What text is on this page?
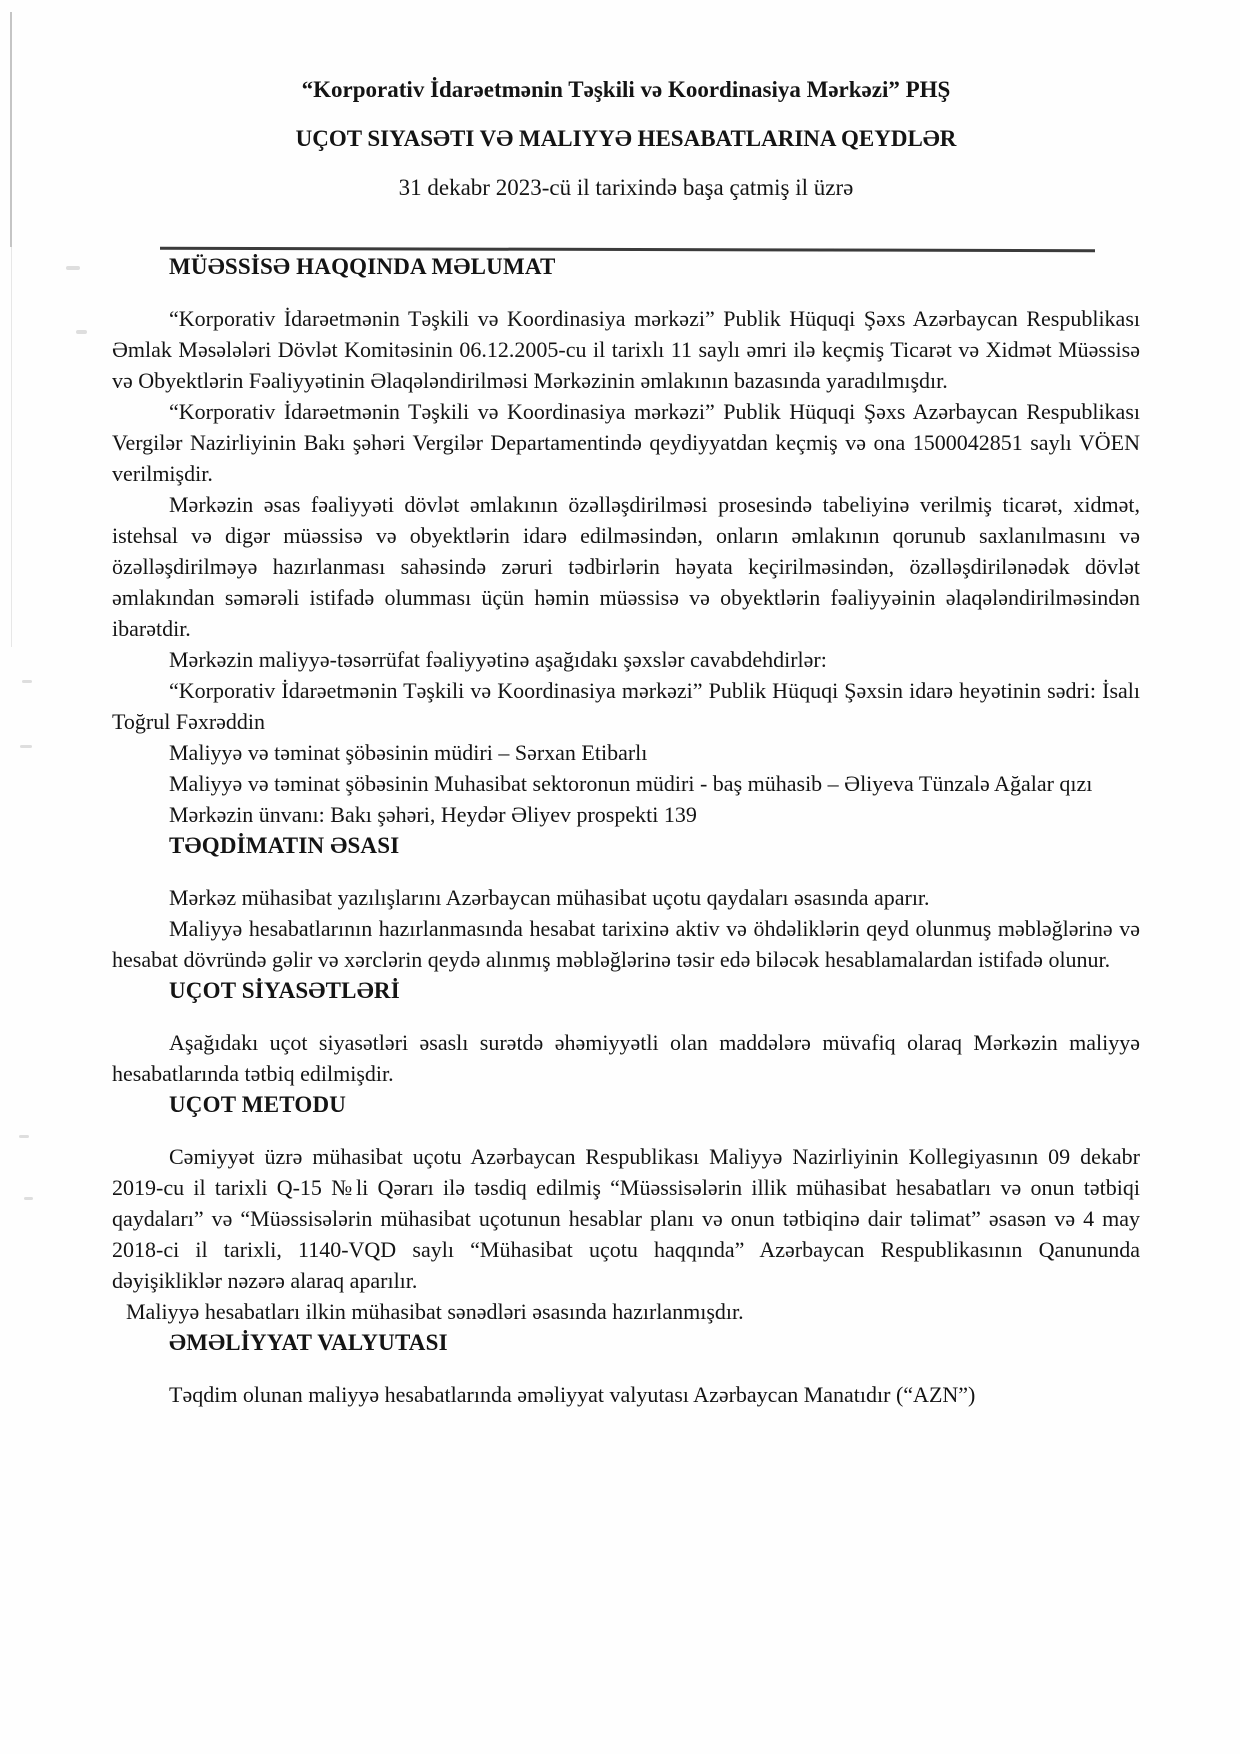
“Korporativ İdarəetmənin Təşkili və Koordinasiya Mərkəzi” PHŞ

UÇOT SIYASƏTI VƏ MALIYYƏ HESABATLARINA QEYDLƏR

31 dekabr 2023-cü il tarixində başa çatmiş il üzrə

MÜƏSSİSƏ HAQQINDA MƏLUMAT

“Korporativ İdarəetmənin Təşkili və Koordinasiya mərkəzi” Publik Hüquqi Şəxs Azərbaycan Respublikası Əmlak Məsələləri Dövlət Komitəsinin 06.12.2005-cu il tarixlı 11 saylı əmri ilə keçmiş Ticarət və Xidmət Müəssisə və Obyektlərin Fəaliyyətinin Əlaqələndirilməsi Mərkəzinin əmlakının bazasında yaradılmışdır.

“Korporativ İdarəetmənin Təşkili və Koordinasiya mərkəzi” Publik Hüquqi Şəxs Azərbaycan Respublikası Vergilər Nazirliyinin Bakı şəhəri Vergilər Departamentində qeydiyyatdan keçmiş və ona 1500042851 saylı VÖEN verilmişdir.

Mərkəzin əsas fəaliyyəti dövlət əmlakının özəlləşdirilməsi prosesində tabeliyinə verilmiş ticarət, xidmət, istehsal və digər müəssisə və obyektlərin idarə edilməsindən, onların əmlakının qorunub saxlanılmasını və özəlləşdirilməyə hazırlanması sahəsində zəruri tədbirlərin həyata keçirilməsindən, özəlləşdirilənədək dövlət əmlakından səmərəli istifadə olumması üçün həmin müəssisə və obyektlərin fəaliyyəinin əlaqələndirilməsindən ibarətdir.

Mərkəzin maliyyə-təsərrüfat fəaliyyətinə aşağıdakı şəxslər cavabdehdirlər:

“Korporativ İdarəetmənin Təşkili və Koordinasiya mərkəzi” Publik Hüquqi Şəxsin idarə heyətinin sədri: İsalı Toğrul Fəxrəddin

Maliyyə və təminat şöbəsinin müdiri – Sərxan Etibarlı

Maliyyə və təminat şöbəsinin Muhasibat sektoronun müdiri - baş mühasib – Əliyeva Tünzalə Ağalar qızı

Mərkəzin ünvanı: Bakı şəhəri, Heydər Əliyev prospekti 139

TƏQDİMATIN ƏSASI

Mərkəz mühasibat yazılışlarını Azərbaycan mühasibat uçotu qaydaları əsasında aparır.

Maliyyə hesabatlarının hazırlanmasında hesabat tarixinə aktiv və öhdəliklərin qeyd olunmuş məbləğlərinə və hesabat dövründə gəlir və xərclərin qeydə alınmış məbləğlərinə təsir edə biləcək hesablamalardan istifadə olunur.

UÇOT SİYASƏTLƏRİ

Aşağıdakı uçot siyasətləri əsaslı surətdə əhəmiyyətli olan maddələrə müvafiq olaraq Mərkəzin maliyyə hesabatlarında tətbiq edilmişdir.

UÇOT METODU

Cəmiyyət üzrə mühasibat uçotu Azərbaycan Respublikası Maliyyə Nazirliyinin Kollegiyasının 09 dekabr 2019-cu il tarixli Q-15 №li Qərarı ilə təsdiq edilmiş “Müəssisələrin illik mühasibat hesabatları və onun tətbiqi qaydaları” və “Müəssisələrin mühasibat uçotunun hesablar planı və onun tətbiqinə dair təlimat” əsasən və 4 may 2018-ci il tarixli, 1140-VQD saylı “Mühasibat uçotu haqqında” Azərbaycan Respublikasının Qanununda dəyişikliklər nəzərə alaraq aparılır.

Maliyyə hesabatları ilkin mühasibat sənədləri əsasında hazırlanmışdır.

ƏMƏLİYYAT VALYUTASI

Təqdim olunan maliyyə hesabatlarında əməliyyat valyutası Azərbaycan Manatıdır (“AZN”)
